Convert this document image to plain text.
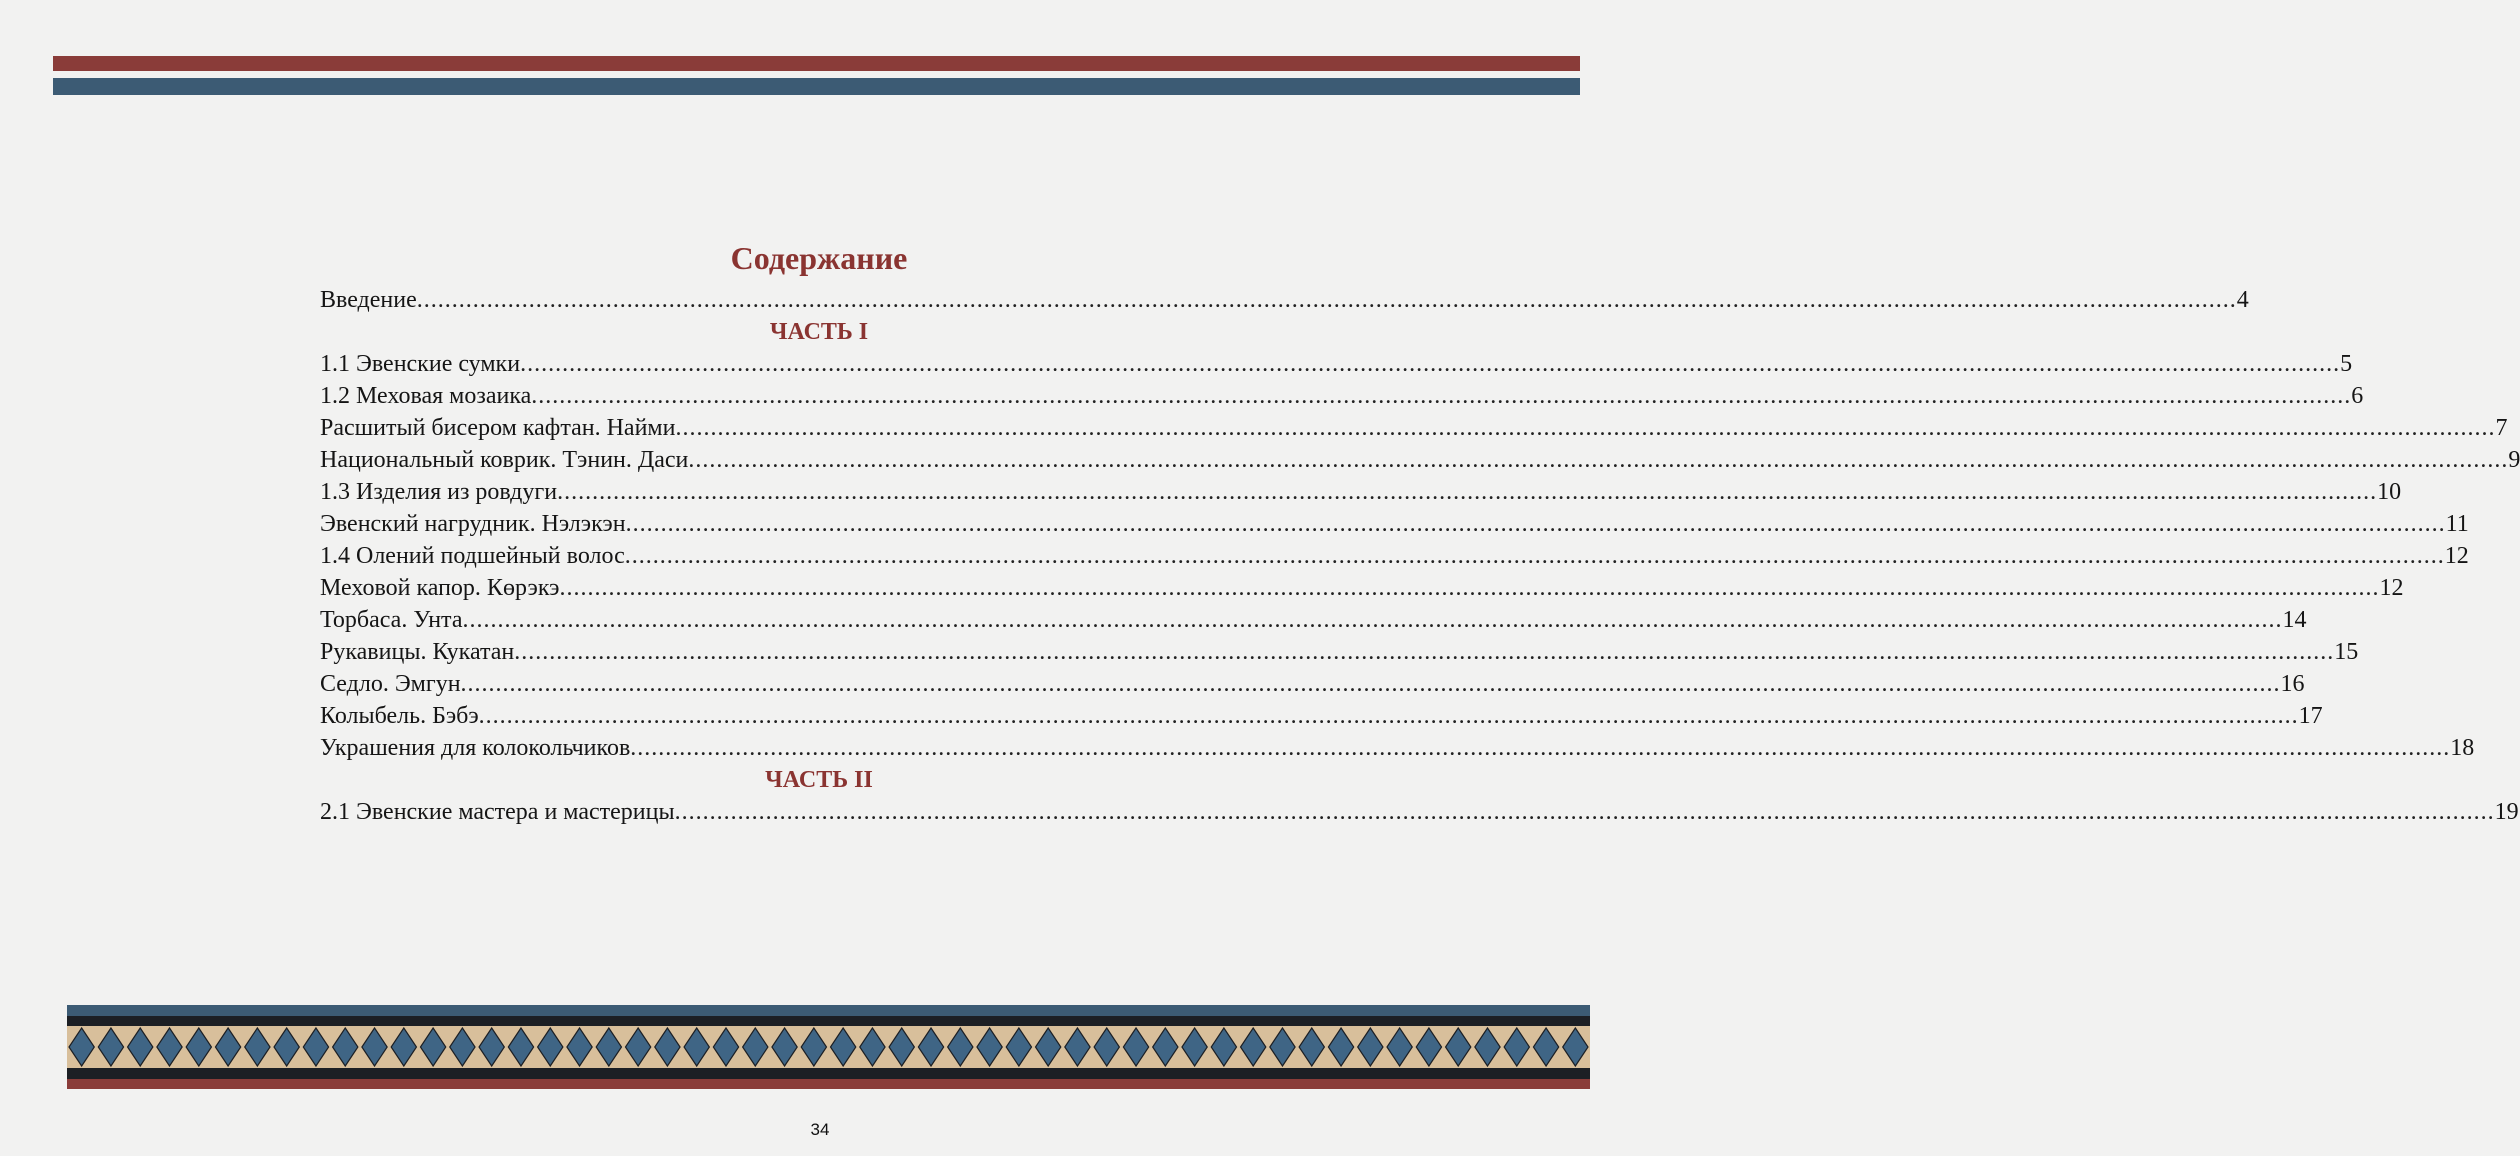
Содержание
Введение .................................................................................................................................................................................................................................................................... 4
ЧАСТЬ I
1.1 Эвенские сумки .................................................................................................................................................................................................................................................................... 5
1.2 Меховая мозаика .................................................................................................................................................................................................................................................................... 6
Расшитый бисером кафтан. Найми .................................................................................................................................................................................................................................................................... 7
Национальный коврик. Тэнин. Даси .................................................................................................................................................................................................................................................................... 9
1.3 Изделия из ровдуги .................................................................................................................................................................................................................................................................... 10
Эвенский нагрудник. Нэлэкэн .................................................................................................................................................................................................................................................................... 11
1.4 Олений подшейный волос .................................................................................................................................................................................................................................................................... 12
Меховой капор. Көрэкэ .................................................................................................................................................................................................................................................................... 12
Торбаса. Унта .................................................................................................................................................................................................................................................................... 14
Рукавицы. Кукатан .................................................................................................................................................................................................................................................................... 15
Седло. Эмгун .................................................................................................................................................................................................................................................................... 16
Колыбель. Бэбэ .................................................................................................................................................................................................................................................................... 17
Украшения для колокольчиков .................................................................................................................................................................................................................................................................... 18
ЧАСТЬ II
2.1 Эвенские мастера и мастерицы .................................................................................................................................................................................................................................................................... 19
34
